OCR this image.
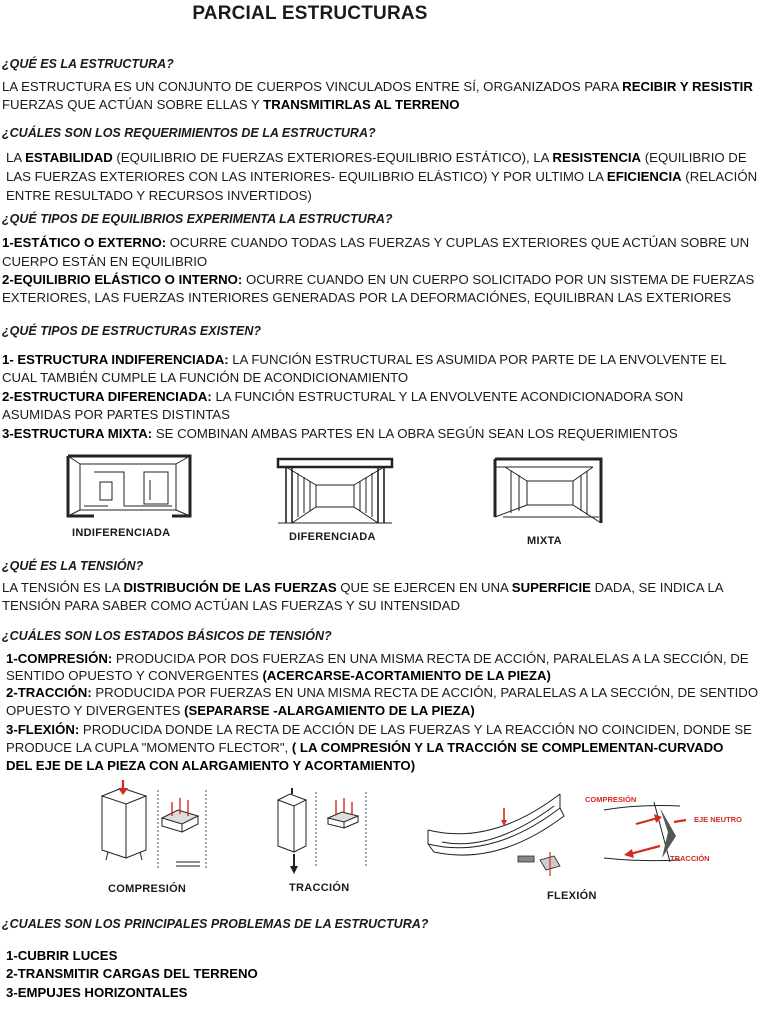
PARCIAL ESTRUCTURAS
¿QUÉ ES LA ESTRUCTURA?
LA ESTRUCTURA ES UN CONJUNTO DE CUERPOS VINCULADOS ENTRE SÍ, ORGANIZADOS PARA RECIBIR Y RESISTIR
FUERZAS QUE ACTÚAN SOBRE ELLAS Y TRANSMITIRLAS AL TERRENO
¿CUÁLES SON LOS REQUERIMIENTOS DE LA ESTRUCTURA?
LA ESTABILIDAD (EQUILIBRIO DE FUERZAS EXTERIORES-EQUILIBRIO ESTÁTICO), LA RESISTENCIA (EQUILIBRIO DE
LAS FUERZAS EXTERIORES CON LAS INTERIORES- EQUILIBRIO ELÁSTICO) Y POR ULTIMO LA EFICIENCIA (RELACIÓN
ENTRE RESULTADO Y RECURSOS INVERTIDOS)
¿QUÉ TIPOS DE EQUILIBRIOS EXPERIMENTA LA ESTRUCTURA?
1-ESTÁTICO O EXTERNO: OCURRE CUANDO TODAS LAS FUERZAS Y CUPLAS EXTERIORES QUE ACTÚAN SOBRE UN
CUERPO ESTÁN EN EQUILIBRIO
2-EQUILIBRIO ELÁSTICO O INTERNO: OCURRE CUANDO EN UN CUERPO SOLICITADO POR UN SISTEMA DE FUERZAS
EXTERIORES, LAS FUERZAS INTERIORES GENERADAS POR LA DEFORMACIÓNES, EQUILIBRAN LAS EXTERIORES
¿QUÉ TIPOS DE ESTRUCTURAS EXISTEN?
1- ESTRUCTURA INDIFERENCIADA: LA FUNCIÓN ESTRUCTURAL ES ASUMIDA POR PARTE DE LA ENVOLVENTE EL
CUAL TAMBIÉN CUMPLE LA FUNCIÓN DE ACONDICIONAMIENTO
2-ESTRUCTURA DIFERENCIADA: LA FUNCIÓN ESTRUCTURAL Y LA ENVOLVENTE ACONDICIONADORA SON
ASUMIDAS POR PARTES DISTINTAS
3-ESTRUCTURA MIXTA: SE COMBINAN AMBAS PARTES EN LA OBRA SEGÚN SEAN LOS REQUERIMIENTOS
INDIFERENCIADA	DIFERENCIADA	MIXTA
¿QUÉ ES LA TENSIÓN?
LA TENSIÓN ES LA DISTRIBUCIÓN DE LAS FUERZAS QUE SE EJERCEN EN UNA SUPERFICIE DADA, SE INDICA LA
TENSIÓN PARA SABER COMO ACTÚAN LAS FUERZAS Y SU INTENSIDAD
¿CUÁLES SON LOS ESTADOS BÁSICOS DE TENSIÓN?
1-COMPRESIÓN: PRODUCIDA POR DOS FUERZAS EN UNA MISMA RECTA DE ACCIÓN, PARALELAS A LA SECCIÓN, DE
SENTIDO OPUESTO Y CONVERGENTES (ACERCARSE-ACORTAMIENTO DE LA PIEZA)
2-TRACCIÓN: PRODUCIDA POR FUERZAS EN UNA MISMA RECTA DE ACCIÓN, PARALELAS A LA SECCIÓN, DE SENTIDO
OPUESTO Y DIVERGENTES (SEPARARSE -ALARGAMIENTO DE LA PIEZA)
3-FLEXIÓN: PRODUCIDA DONDE LA RECTA DE ACCIÓN DE LAS FUERZAS Y LA REACCIÓN NO COINCIDEN, DONDE SE
PRODUCE LA CUPLA "MOMENTO FLECTOR", ( LA COMPRESIÓN Y LA TRACCIÓN SE COMPLEMENTAN-CURVADO
DEL EJE DE LA PIEZA CON ALARGAMIENTO Y ACORTAMIENTO)
COMPRESIÓN	TRACCIÓN
FLEXIÓN
COMPRESIÓN
EJE NEUTRO
TRACCIÓN
¿CUALES SON LOS PRINCIPALES PROBLEMAS DE LA ESTRUCTURA?
1-CUBRIR LUCES
2-TRANSMITIR CARGAS DEL TERRENO
3-EMPUJES HORIZONTALES
